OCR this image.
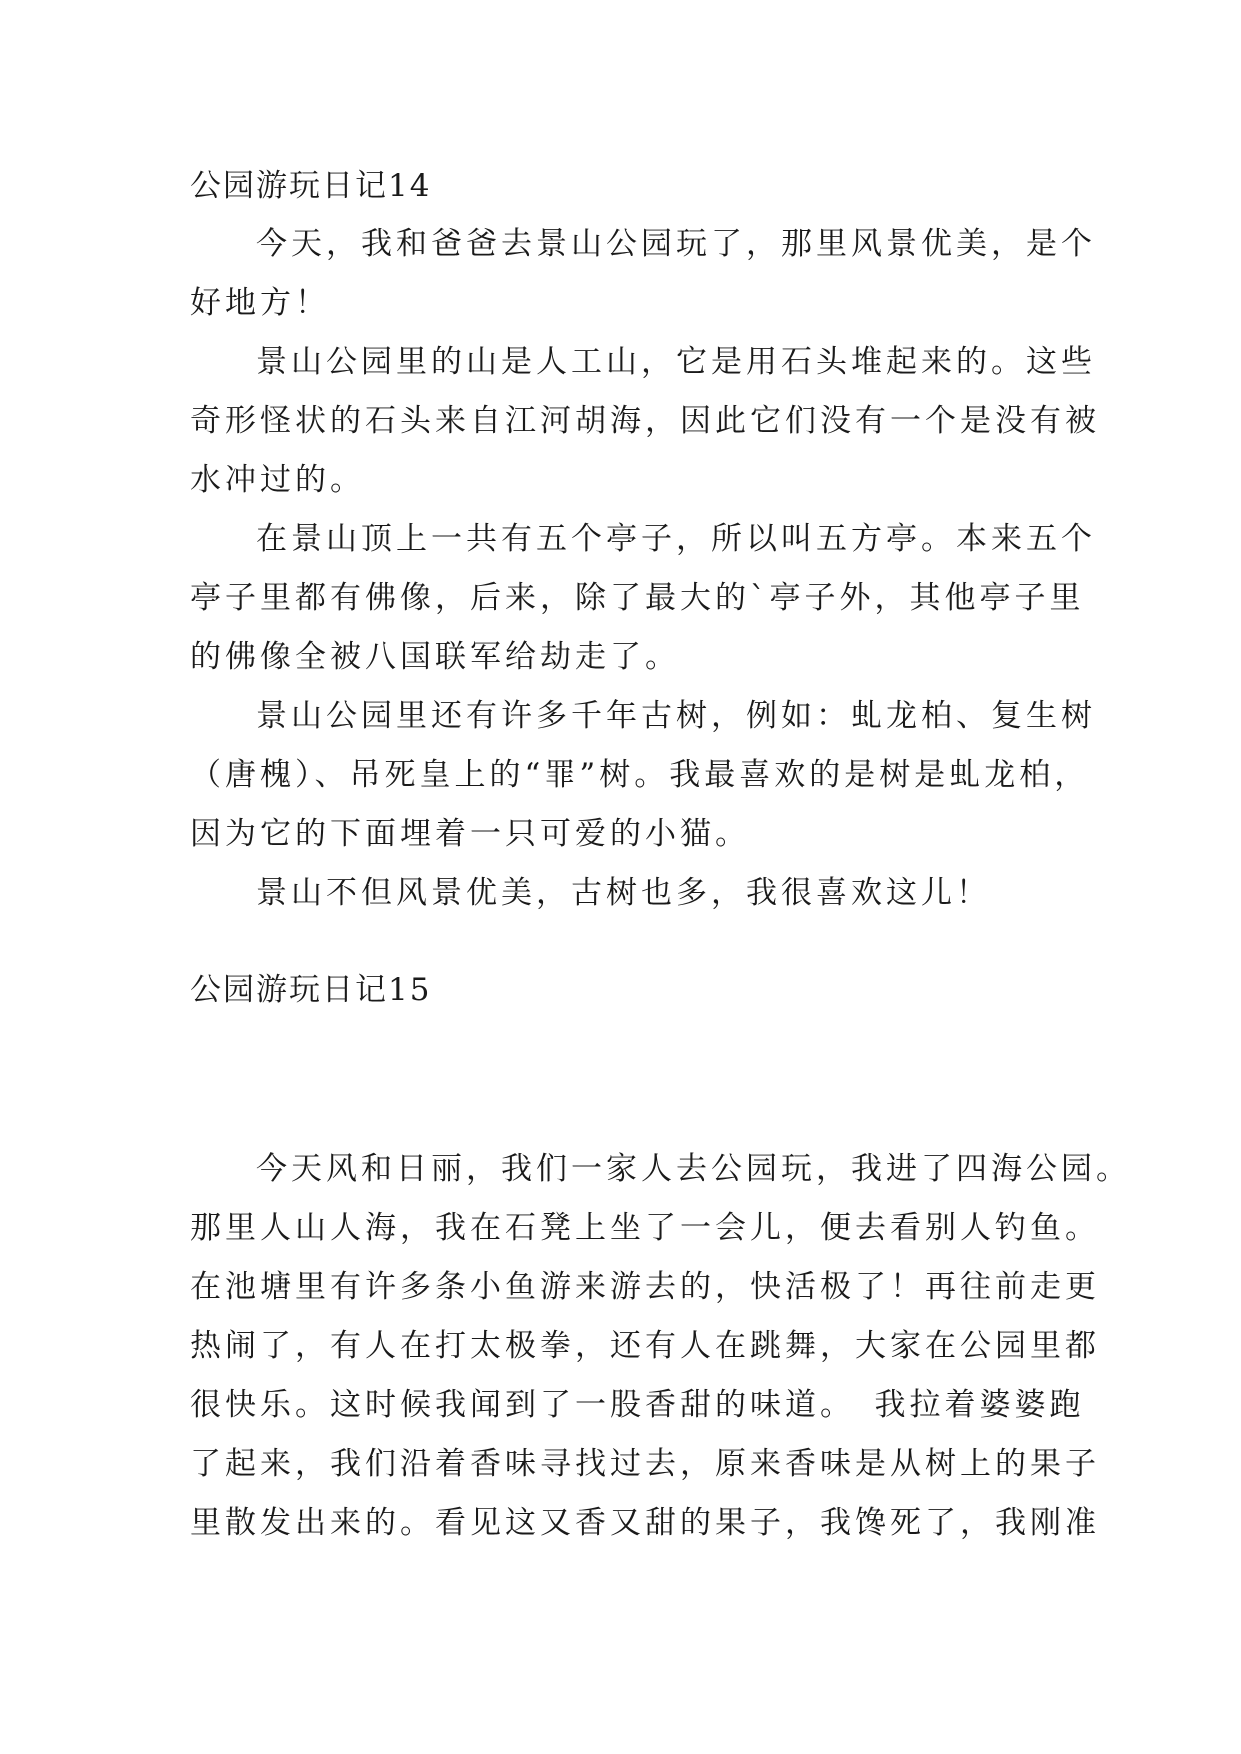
公园游玩日记14
今天，我和爸爸去景山公园玩了，那里风景优美，是个
好地方！
景山公园里的山是人工山，它是用石头堆起来的。这些
奇形怪状的石头来自江河胡海，因此它们没有一个是没有被
水冲过的。
在景山顶上一共有五个亭子，所以叫五方亭。本来五个
亭子里都有佛像，后来，除了最大的`亭子外，其他亭子里
的佛像全被八国联军给劫走了。
景山公园里还有许多千年古树，例如：虬龙柏、复生树
（唐槐）、吊死皇上的“罪”树。我最喜欢的是树是虬龙柏，
因为它的下面埋着一只可爱的小猫。
景山不但风景优美，古树也多，我很喜欢这儿！
公园游玩日记15
今天风和日丽，我们一家人去公园玩，我进了四海公园。
那里人山人海，我在石凳上坐了一会儿，便去看别人钓鱼。
在池塘里有许多条小鱼游来游去的，快活极了！再往前走更
热闹了，有人在打太极拳，还有人在跳舞，大家在公园里都
很快乐。这时候我闻到了一股香甜的味道。　我拉着婆婆跑
了起来，我们沿着香味寻找过去，原来香味是从树上的果子
里散发出来的。看见这又香又甜的果子，我馋死了，我刚准
